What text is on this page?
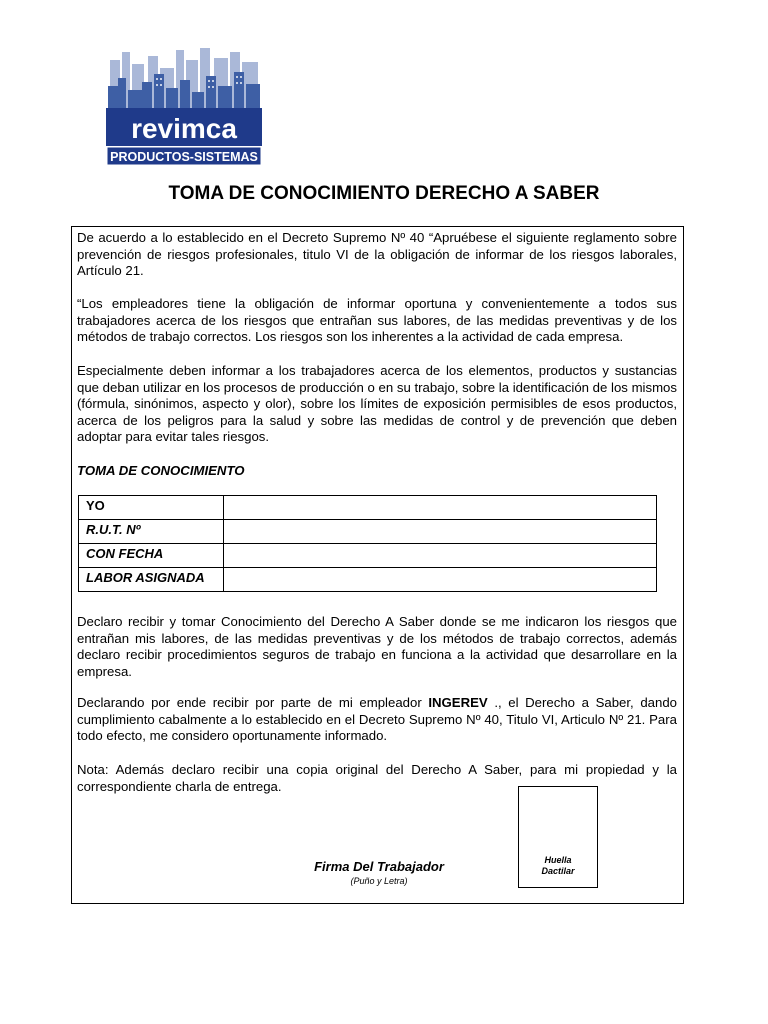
revimca
PRODUCTOS-SISTEMAS
TOMA DE CONOCIMIENTO DERECHO A SABER

De acuerdo a lo establecido en el Decreto Supremo Nº 40 “Apruébese el siguiente reglamento sobre prevención de riesgos profesionales, titulo VI de la obligación de informar de los riesgos laborales, Artículo 21.

“Los empleadores tiene la obligación de informar oportuna y convenientemente a todos sus trabajadores acerca de los riesgos que entrañan sus labores, de las medidas preventivas y de los métodos de trabajo correctos. Los riesgos son los inherentes a la actividad de cada empresa.

Especialmente deben informar a los trabajadores acerca de los elementos, productos y sustancias que deban utilizar en los procesos de producción o en su trabajo, sobre la identificación de los mismos (fórmula, sinónimos, aspecto y olor), sobre los límites de exposición permisibles de esos productos, acerca de los peligros para la salud y sobre las medidas de control y de prevención que deben adoptar para evitar tales riesgos.

TOMA DE CONOCIMIENTO

YO	
R.U.T. Nº	
CON FECHA	
LABOR ASIGNADA	

Declaro recibir y tomar Conocimiento del Derecho A Saber donde se me indicaron los riesgos que entrañan mis labores, de las medidas preventivas y de los métodos de trabajo correctos, además declaro recibir procedimientos seguros de trabajo en funciona a la actividad que desarrollare en la empresa.

Declarando por ende recibir por parte de mi empleador INGEREV ., el Derecho a Saber, dando cumplimiento cabalmente a lo establecido en el Decreto Supremo Nº 40, Titulo VI, Articulo Nº 21. Para todo efecto, me considero oportunamente informado.

Nota: Además declaro recibir una copia original del Derecho A Saber, para mi propiedad y la correspondiente charla de entrega.

Huella
Dactilar
Firma Del Trabajador
(Puño y Letra)
